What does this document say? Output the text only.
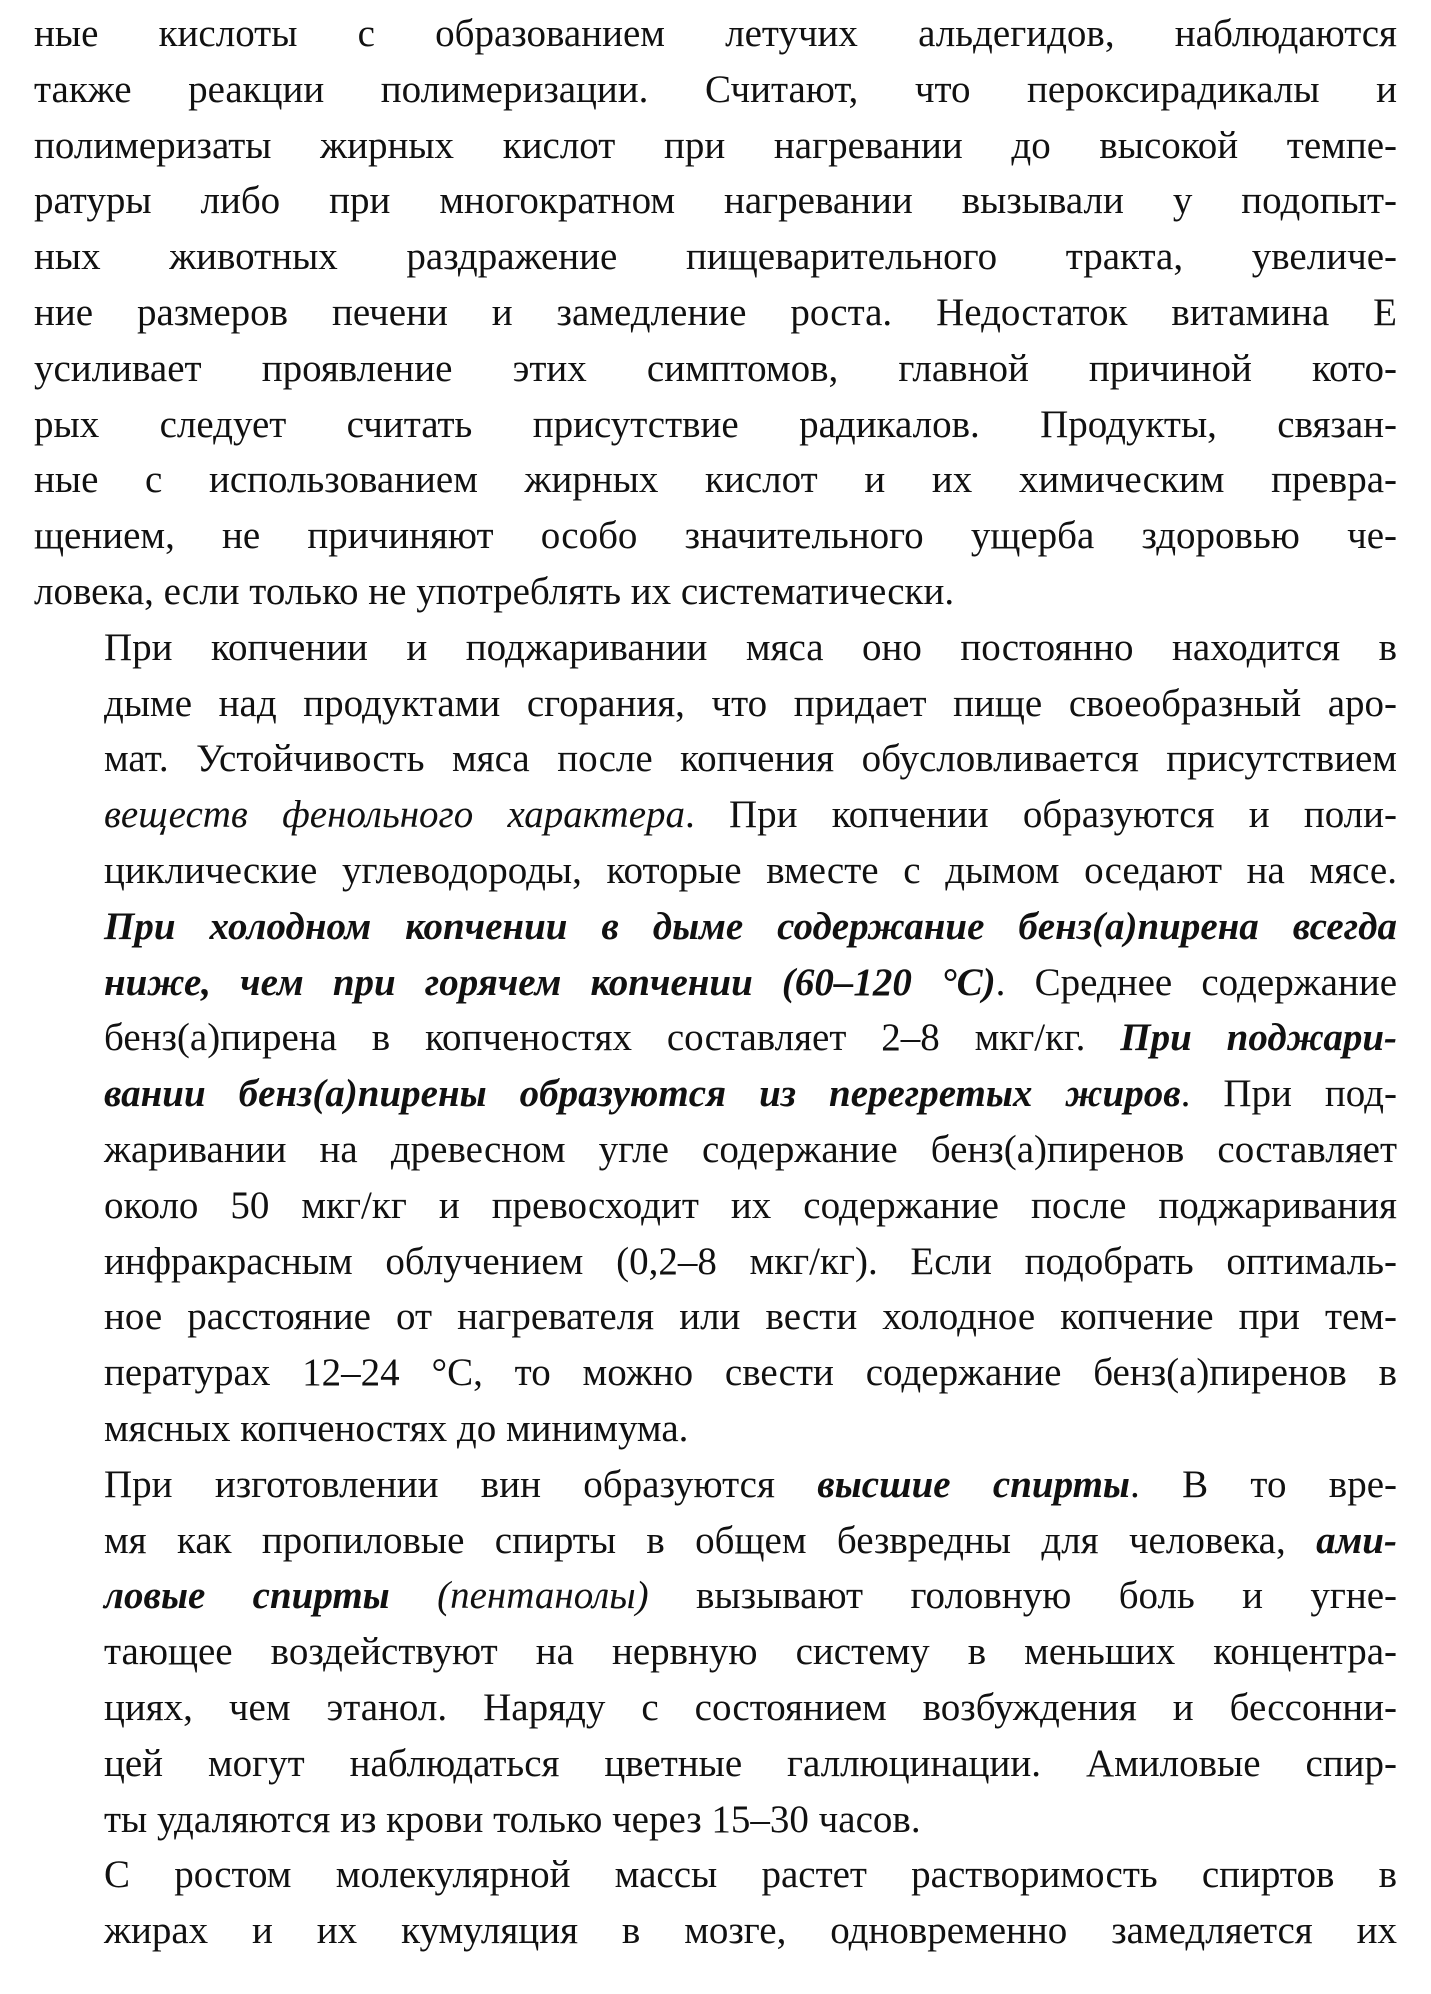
ные кислоты с образованием летучих альдегидов, наблюдаются
также реакции полимеризации. Считают, что пероксирадикалы и
полимеризаты жирных кислот при нагревании до высокой темпе-
ратуры либо при многократном нагревании вызывали у подопыт-
ных животных раздражение пищеварительного тракта, увеличе-
ние размеров печени и замедление роста. Недостаток витамина Е
усиливает проявление этих симптомов, главной причиной кото-
рых следует считать присутствие радикалов. Продукты, связан-
ные с использованием жирных кислот и их химическим превра-
щением, не причиняют особо значительного ущерба здоровью че-
ловека, если только не употреблять их систематически.

При копчении и поджаривании мяса оно постоянно находится в
дыме над продуктами сгорания, что придает пище своеобразный аро-
мат. Устойчивость мяса после копчения обусловливается присутствием
веществ фенольного характера. При копчении образуются и поли-
циклические углеводороды, которые вместе с дымом оседают на мясе.
При холодном копчении в дыме содержание бенз(а)пирена всегда
ниже, чем при горячем копчении (60–120 °С). Среднее содержание
бенз(а)пирена в копченостях составляет 2–8 мкг/кг. При поджари-
вании бенз(а)пирены образуются из перегретых жиров. При под-
жаривании на древесном угле содержание бенз(а)пиренов составляет
около 50 мкг/кг и превосходит их содержание после поджаривания
инфракрасным облучением (0,2–8 мкг/кг). Если подобрать оптималь-
ное расстояние от нагревателя или вести холодное копчение при тем-
пературах 12–24 °С, то можно свести содержание бенз(а)пиренов в
мясных копченостях до минимума.

При изготовлении вин образуются высшие спирты. В то вре-
мя как пропиловые спирты в общем безвредны для человека, ами-
ловые спирты (пентанолы) вызывают головную боль и угне-
тающее воздействуют на нервную систему в меньших концентра-
циях, чем этанол. Наряду с состоянием возбуждения и бессонни-
цей могут наблюдаться цветные галлюцинации. Амиловые спир-
ты удаляются из крови только через 15–30 часов.

С ростом молекулярной массы растет растворимость спиртов в
жирах и их кумуляция в мозге, одновременно замедляется их
